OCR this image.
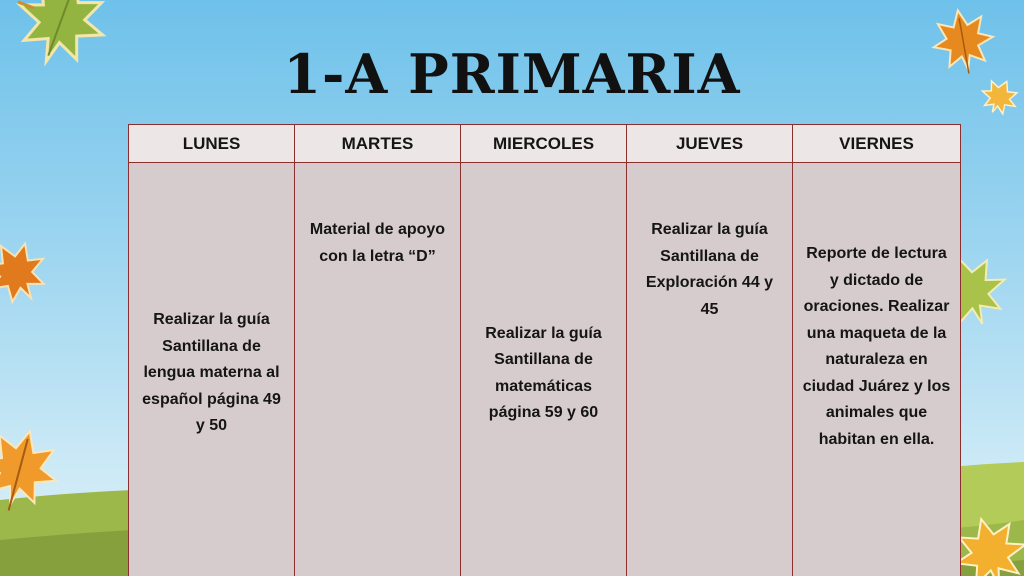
1-A PRIMARIA
LUNES	MARTES	MIERCOLES	JUEVES	VIERNES
Realizar la guía Santillana de lengua materna al español página 49 y 50	Material de apoyo con la letra “D”	Realizar la guía Santillana de matemáticas página 59 y 60	Realizar la guía Santillana de Exploración 44 y 45	Reporte de lectura y dictado de oraciones. Realizar una maqueta de la naturaleza en ciudad Juárez y los animales que habitan en ella.
